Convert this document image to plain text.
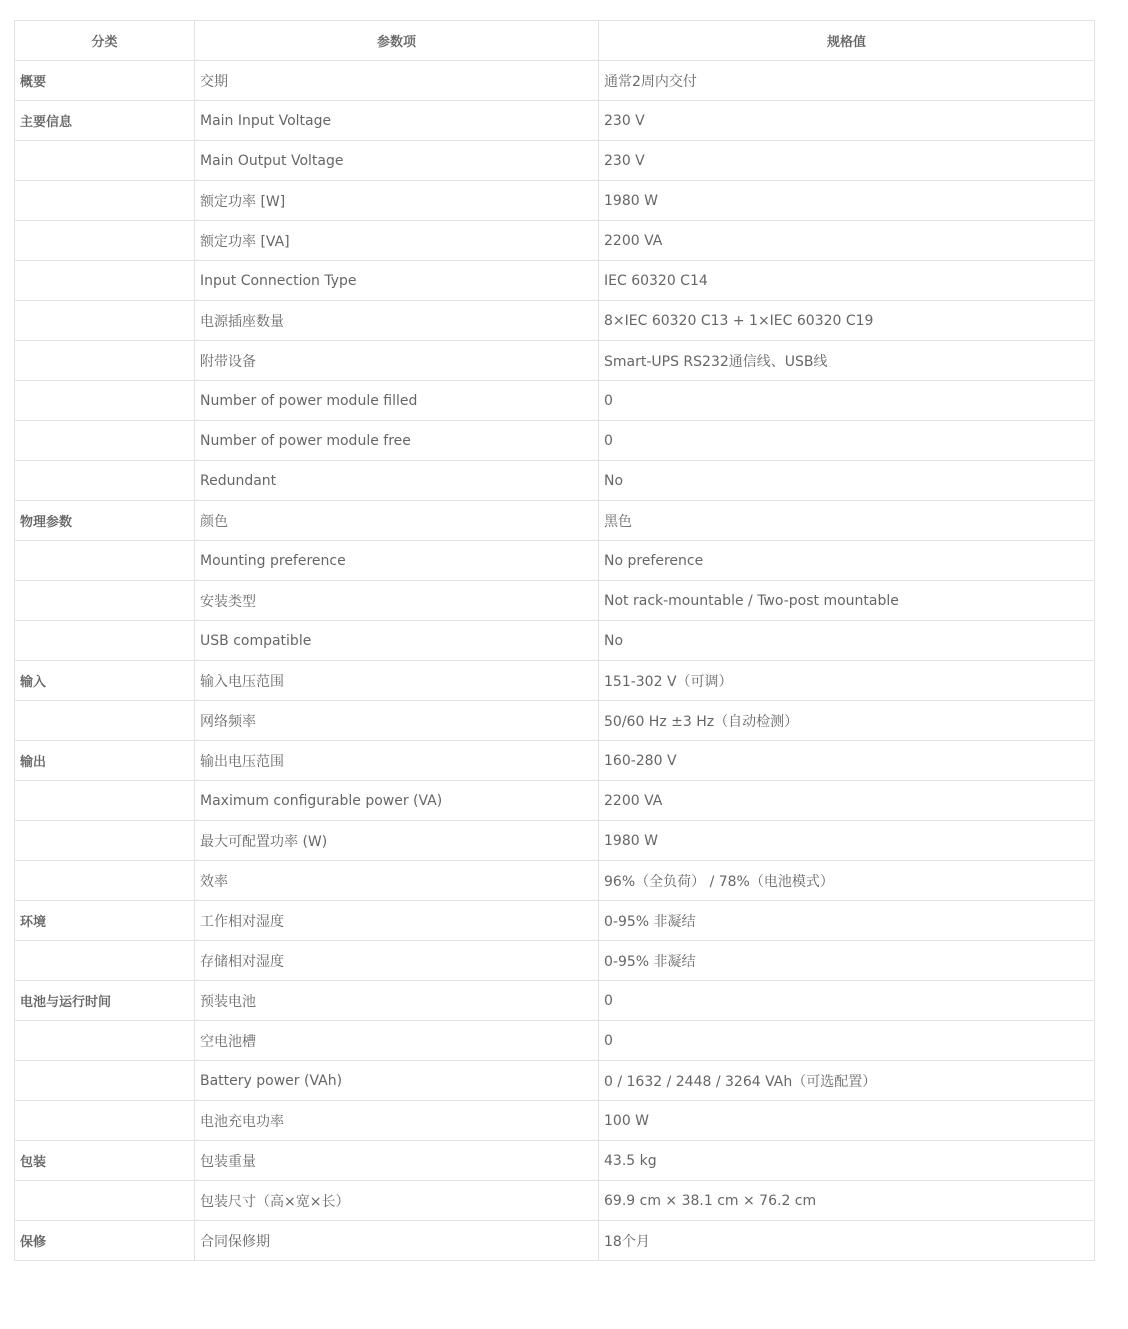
分类	参数项	规格值
概要	交期	通常2周内交付
主要信息	Main Input Voltage	230 V
	Main Output Voltage	230 V
	额定功率 [W]	1980 W
	额定功率 [VA]	2200 VA
	Input Connection Type	IEC 60320 C14
	电源插座数量	8×IEC 60320 C13 + 1×IEC 60320 C19
	附带设备	Smart-UPS RS232通信线、USB线
	Number of power module filled	0
	Number of power module free	0
	Redundant	No
物理参数	颜色	黑色
	Mounting preference	No preference
	安装类型	Not rack-mountable / Two-post mountable
	USB compatible	No
输入	输入电压范围	151-302 V（可调）
	网络频率	50/60 Hz ±3 Hz（自动检测）
输出	输出电压范围	160-280 V
	Maximum configurable power (VA)	2200 VA
	最大可配置功率 (W)	1980 W
	效率	96%（全负荷） / 78%（电池模式）
环境	工作相对湿度	0-95% 非凝结
	存储相对湿度	0-95% 非凝结
电池与运行时间	预装电池	0
	空电池槽	0
	Battery power (VAh)	0 / 1632 / 2448 / 3264 VAh（可选配置）
	电池充电功率	100 W
包装	包装重量	43.5 kg
	包装尺寸（高×宽×长）	69.9 cm × 38.1 cm × 76.2 cm
保修	合同保修期	18个月
